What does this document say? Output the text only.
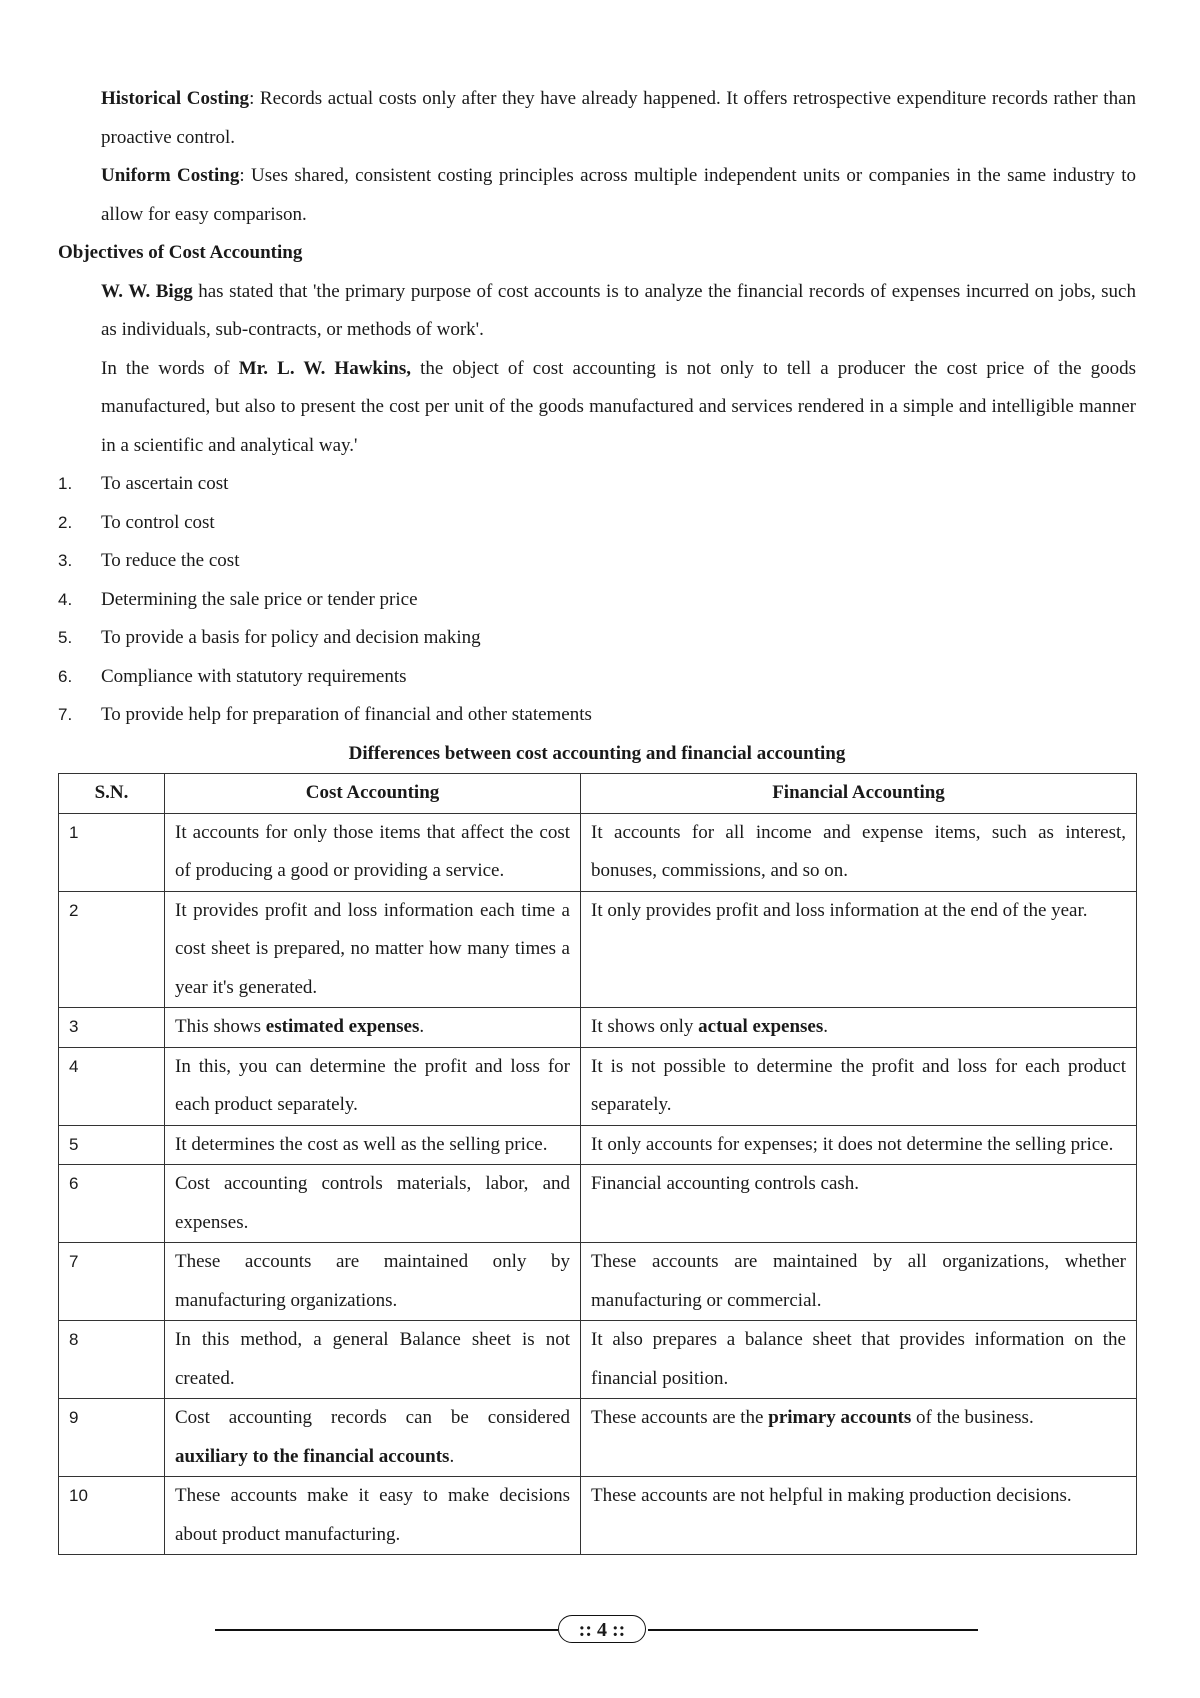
Historical Costing: Records actual costs only after they have already happened. It offers retrospective expenditure records rather than proactive control.

Uniform Costing: Uses shared, consistent costing principles across multiple independent units or companies in the same industry to allow for easy comparison.

Objectives of Cost Accounting

W. W. Bigg has stated that 'the primary purpose of cost accounts is to analyze the financial records of expenses incurred on jobs, such as individuals, sub-contracts, or methods of work'.

In the words of Mr. L. W. Hawkins, the object of cost accounting is not only to tell a producer the cost price of the goods manufactured, but also to present the cost per unit of the goods manufactured and services rendered in a simple and intelligible manner in a scientific and analytical way.'

1.	To ascertain cost
2.	To control cost
3.	To reduce the cost
4.	Determining the sale price or tender price
5.	To provide a basis for policy and decision making
6.	Compliance with statutory requirements
7.	To provide help for preparation of financial and other statements

Differences between cost accounting and financial accounting

S.N.	Cost Accounting	Financial Accounting
1	It accounts for only those items that affect the cost of producing a good or providing a service.	It accounts for all income and expense items, such as interest, bonuses, commissions, and so on.
2	It provides profit and loss information each time a cost sheet is prepared, no matter how many times a year it's generated.	It only provides profit and loss information at the end of the year.
3	This shows estimated expenses.	It shows only actual expenses.
4	In this, you can determine the profit and loss for each product separately.	It is not possible to determine the profit and loss for each product separately.
5	It determines the cost as well as the selling price.	It only accounts for expenses; it does not determine the selling price.
6	Cost accounting controls materials, labor, and expenses.	Financial accounting controls cash.
7	These accounts are maintained only by manufacturing organizations.	These accounts are maintained by all organizations, whether manufacturing or commercial.
8	In this method, a general Balance sheet is not created.	It also prepares a balance sheet that provides information on the financial position.
9	Cost accounting records can be considered auxiliary to the financial accounts.	These accounts are the primary accounts of the business.
10	These accounts make it easy to make decisions about product manufacturing.	These accounts are not helpful in making production decisions.
:: 4 ::
